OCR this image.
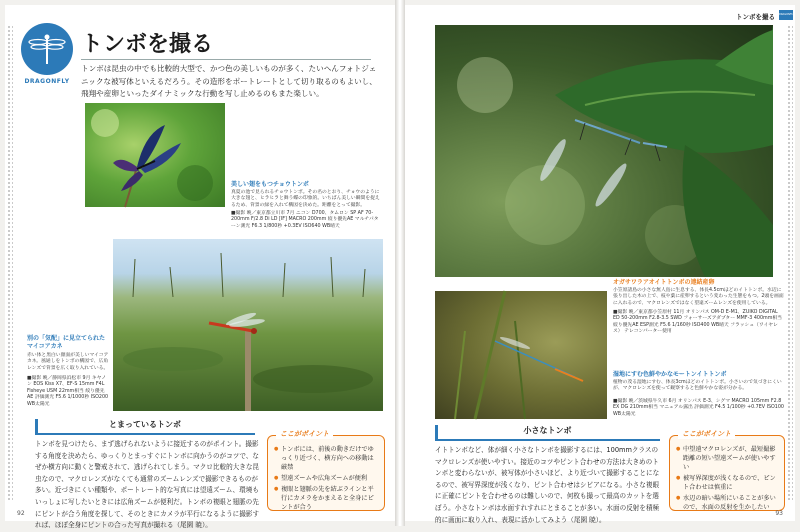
DRAGONFLY
トンボを撮る
トンボは昆虫の中でも比較的大型で、かつ色の美しいものが多く、たいへんフォトジェニックな被写体といえるだろう。その造形をポートレートとして切り取るのもよいし、飛翔や産卵といったダイナミックな行動を写し止めるのもまた楽しい。
美しい翅をもつチョウトンボ
真夏の池で見られるチョウトンボ。その名のとおり、チョウのように大きな翅と、ヒラヒラと舞う蝶の印象的。いちばん美しい瞬間を捉えるため、背景の緑を入れて構図を決めた。距離をとって撮影。
■撮影 晩／東京都立川市 7月 ニコン D700、タムロン SP AF 70-200mm F/2.8 Di LD [IF] MACRO 200mm 絞り優先AE マルチパターン測光 F6.3 1/800秒 +0.3EV ISO640 WB晴天
別の「気配」に見立てられた
マイコアカネ
赤い体と黒白い顔面が美しいマイコアカネ。風通しをトンボの構図で、広角レンズで背景を広く取り入れている。
■撮影 晩／静岡県浜松市 9月 キヤノン EOS Kiss X7、EF-S 15mm F4L Fisheye USM 22mm相当 絞り優先AE 評価測光 F5.6 1/1000秒 ISO200 WB太陽光
とまっているトンボ
トンボを見つけたら、まず逃げられないように接近するのがポイント。撮影する角度を決めたら、ゆっくりとまっすぐにトンボに向かうのがコツで、なぜか横方向に動くと警戒されて、逃げられてしまう。マクロ比較的大きな昆虫なので、マクロレンズがなくても通常のズームレンズで撮影できるものが多い。近づきにくい種類や、ポートレート的な写真には望遠ズーム、環境もいっしょに写したいときには広角ズームが便利だ。トンボの複眼と翅脈の先にピントが合う角度を探して、そのときにカメラが平行になるように撮影すれば、ほぼ全身にピントの合った写真が撮れる（尾園 暁）。
ここがポイント
● トンボには、前後の動きだけでゆっくり近づく、横方向への移動は厳禁
● 望遠ズームや広角ズームが便利
● 複眼と翅脈の先を結ぶラインと平行にカメラをかまえると全身にピントが合う
92
トンボを撮る DRAGONFLY
オガサワラアオイトトンボの連結産卵
小笠原諸島の小さな無人島に生息する、体長4.5cmほどのイトトンボ。水辺に張り出した木の上で、枝や葉に産卵するという変わった生態をもつ。2頭を画面に入れるので、マクロレンズではなく望遠ズームレンズを使用している。
■撮影 晩／東京都小笠原村 11月 オリンパス OM-D E-M1、ZUIKO DIGITAL ED 50-200mm F2.8-3.5 SWD フォーサーズアダプター MMF-3 400mm相当 絞り優先AE ESP測光 F5.6 1/160秒 ISO400 WB晴天 フラッシュ（ワイヤレス） テレコンバーター使用
湿地にすむ色鮮やかなモートンイトトンボ
植物の茂る湿地にすむ、体長3cmほどのイトトンボ。小さいので気づきにくいが、マクロレンズを使って観察すると色鮮やかな姿が分かる。
■撮影 晩／茨城県牛久市 6月 オリンパス E-3、シグマ MACRO 105mm F2.8 EX DG 210mm相当 マニュアル露出 評価測光 F4.5 1/100秒 +0.7EV ISO100 WB太陽光
小さなトンボ
イトトンボなど、体が細く小さなトンボを撮影するには、100mmクラスのマクロレンズが使いやすい。接近のコツやピント合わせの方法は大きめのトンボと変わらないが、被写体が小さいほど、より近づいて撮影することになるので、被写界深度が浅くなり、ピント合わせはシビアになる。小さな複眼に正確にピントを合わせるのは難しいので、何枚も撮って最高のカットを選ぼう。小さなトンボは水面すれすれにとまることが多い。水面の反射を積極的に画面に取り入れ、表現に活かしてみよう（尾園 暁）。
ここがポイント
● 中望遠マクロレンズが、最短撮影距離の短い望遠ズームが使いやすい
● 被写界深度が浅くなるので、ピント合わせは慎重に
● 水辺の暗い場所にいることが多いので、水面の反射を生かしたい
93
